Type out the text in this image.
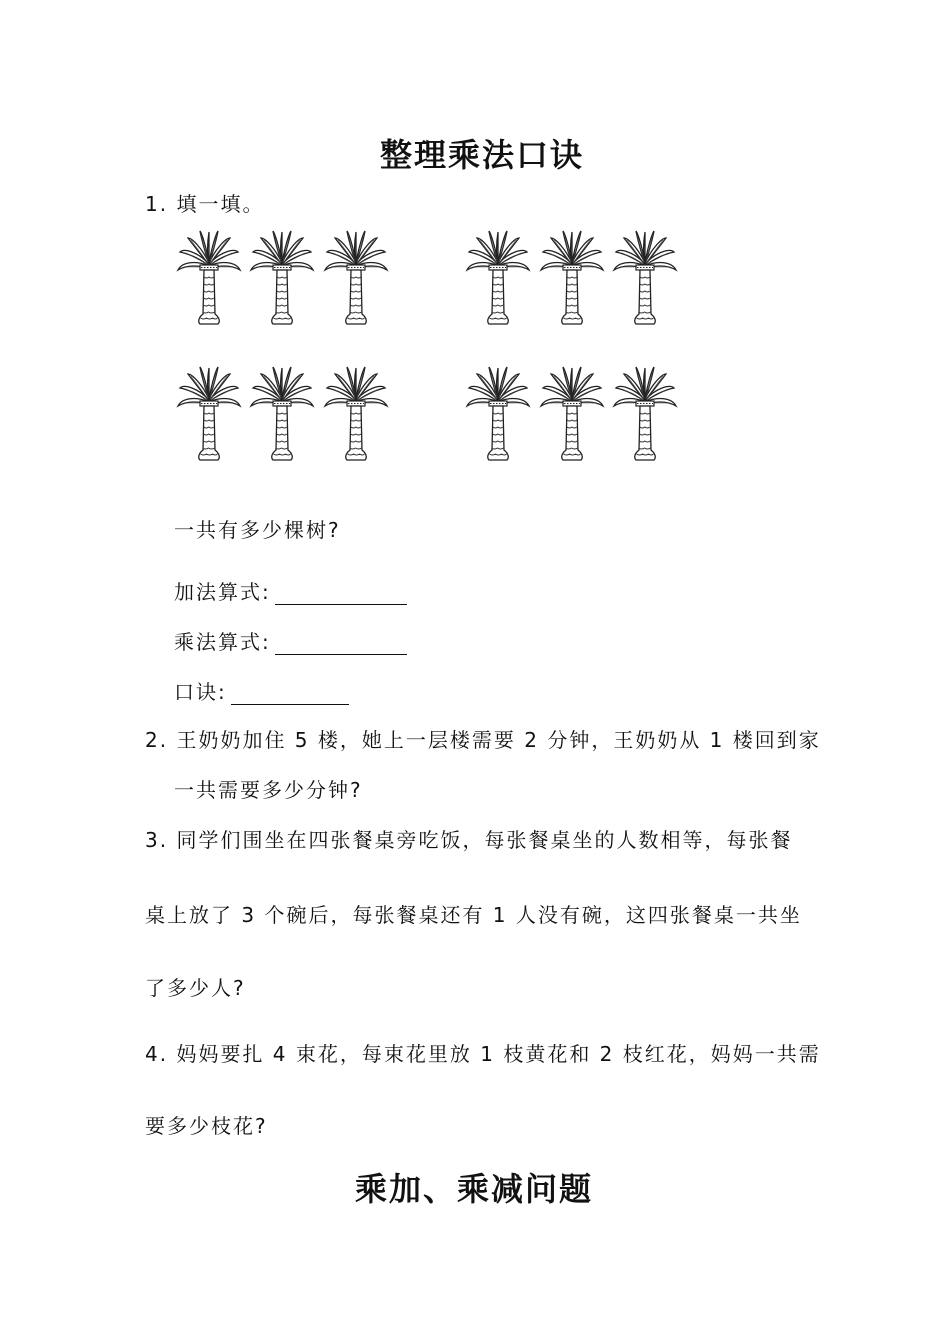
整理乘法口诀
1. 填一填。
一共有多少棵树?
加法算式:
乘法算式:
口诀:
2. 王奶奶加住 5 楼，她上一层楼需要 2 分钟，王奶奶从 1 楼回到家
一共需要多少分钟?
3. 同学们围坐在四张餐桌旁吃饭，每张餐桌坐的人数相等，每张餐
桌上放了 3 个碗后，每张餐桌还有 1 人没有碗，这四张餐桌一共坐
了多少人?
4. 妈妈要扎 4 束花，每束花里放 1 枝黄花和 2 枝红花，妈妈一共需
要多少枝花?
乘加、乘减问题
